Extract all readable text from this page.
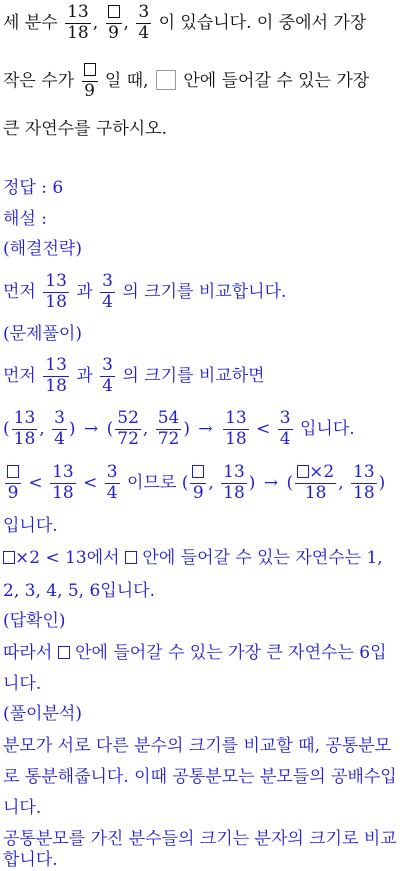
세 분수 $\frac{13}{18}$ , 9 , $\frac{3}{4}$ 이 있습니다. 이 중에서 가장
작은 수가 9 일 때, 안에 들어갈 수 있는 가장
큰 자연수를 구하시오.
정답 : 6
해설 :
(해결전략)
먼저 $\frac{13}{18}$ 과 $\frac{3}{4}$ 의 크기를 비교합니다.
(문제풀이)
먼저 $\frac{13}{18}$ 과 $\frac{3}{4}$ 의 크기를 비교하면
( $\frac{13}{18}$ , $\frac{3}{4}$ ) → ( $\frac{52}{72}$ , $\frac{54}{72}$ ) → $\frac{13}{18} < \frac{3}{4}$ 입니다.
$9 < \frac{13}{18} < \frac{3}{4}$ 이므로 ( 9 , $\frac{13}{18}$ ) → ( $\frac{\times 2}{18}$ , $\frac{13}{18}$ )
입니다.
×2 < 13에서 안에 들어갈 수 있는 자연수는 1,
2, 3, 4, 5, 6입니다.
(답확인)
따라서 안에 들어갈 수 있는 가장 큰 자연수는 6입
니다.
(풀이분석)
분모가 서로 다른 분수의 크기를 비교할 때, 공통분모
로 통분해줍니다. 이때 공통분모는 분모들의 공배수입
니다.
공통분모를 가진 분수들의 크기는 분자의 크기로 비교
합니다.
